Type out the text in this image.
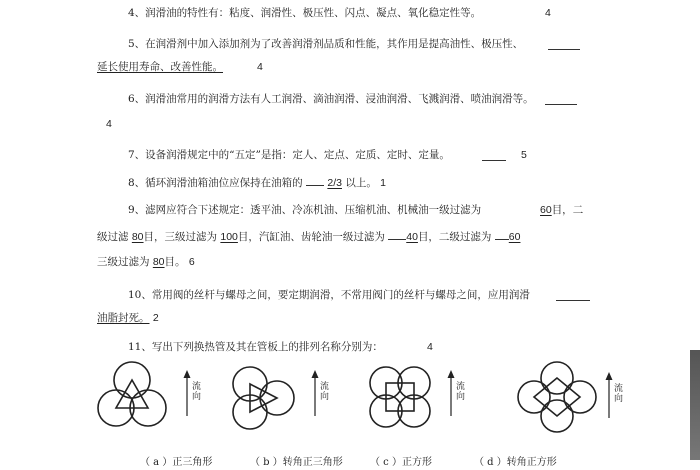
4、润滑油的特性有：粘度、润滑性、极压性、闪点、凝点、氧化稳定性等。	4
5、在润滑剂中加入添加剂为了改善润滑剂品质和性能，其作用是提高油性、极压性、
延长使用寿命、改善性能。	4
6、润滑油常用的润滑方法有人工润滑、滴油润滑、浸油润滑、飞溅润滑、喷油润滑等。
4
7、设备润滑规定中的“五定”是指：定人、定点、定质、定时、定量。	5
8、循环润滑油箱油位应保持在油箱的 2/3 以上。 1
9、滤网应符合下述规定：透平油、冷冻机油、压缩机油、机械油一级过滤为	60目，二
级过滤 80目，三级过滤为 100目，汽缸油、齿轮油一级过滤为 40目，二级过滤为 60
三级过滤为 80目。 6
10、常用阀的丝杆与螺母之间，要定期润滑，不常用阀门的丝杆与螺母之间，应用润滑
油脂封死。 2
11、写出下列换热管及其在管板上的排列名称分别为：	4
流向
流向
流向
流向
（ a ）正三角形	（ b ）转角正三角形	（ c ）正方形	（ d ）转角正方形
